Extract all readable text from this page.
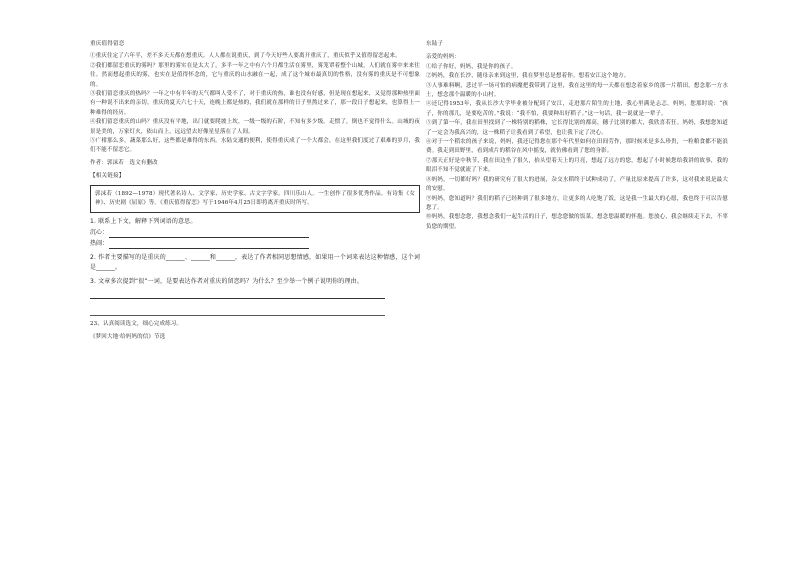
重庆值得留恋

①重庆住定了六年半，差不多天天都在想重庆。人人都在说重庆，到了今天好些人要离开重庆了，重庆似乎又值得留恋起来。

②我们都留恋重庆的雾吗？那里的雾实在是太大了，多半一年之中有六个月都生活在雾里，雾笼罩着整个山城，人们就在雾中来来往往。然而想起重庆的雾，也实在是值得怀念的，它与重庆的山水融在一起，成了这个城市最真切的性格，没有雾的重庆是不可想象的。

③我们留恋重庆的热吗？一年之中有半年的天气都叫人受不了，对于重庆的热，谁也没有好感，但是现在想起来，又觉得那种热里面有一种说不出来的亲切。重庆的夏天六七十天，连晚上都是热的，我们就在那样的日子里熬过来了，那一段日子想起来，也算得上一种难得的经历。

④我们留恋重庆的山吗？重庆没有平地，出门就要爬坡上坎，一级一级的石阶，不知有多少级。走惯了，倒也不觉得什么。山城的夜景是美的，万家灯火，依山而上，远远望去好像星星落在了人间。

⑤广柑那么多，蔬菜那么好，这些都是难得的东西。水陆交通的便利，使得重庆成了一个大都会，在这里我们度过了艰难的岁月，我们不能不留恋它。

作者：郭沫若　选文有删改

【相关链接】

郭沫若（1892—1978）现代著名诗人、文学家、历史学家、古文字学家。四川乐山人。一生创作了很多优秀作品。有诗集《女神》、历史剧《屈原》等。《重庆值得留恋》写于1946年4月25日即将离开重庆时所写。

1. 联系上下文，解释下列词语的意思。

沉心：
热闹：

2. 作者主要描写的是重庆的______、______和______，表达了作者相同思想情感，如果用一个词来表达这种情感，这个词是______。

3. 文章多次提到“很”一词，是要表达作者对重庆的留恋吗？为什么？至少举一个例子说明你的理由。

23、认真阅读选文，细心完成练习。

《梦回大地·给妈妈的信》节选

东陆子

亲爱的妈妈：

①给子你好，妈妈，我是你的孩子。

②妈妈，我在长沙，随母亲来到这里，我在梦里总是想着你。想着安江这个地方。

③人事难料啊，悲过半一场可怕的病魔把我带到了这里，我在这里的每一天都在想念着家乡的那一片稻田，想念那一方水土，想念那个温暖的小山村。

④还记得1953年，我从长沙大学毕业被分配到了安江，走进那片陌生的土地，我心里满是忐忑。妈妈，您那时说：“孩子，你的那儿，是要吃苦的。”我说：“我不怕，我要种出好稻子。”这一句话，我一说就是一辈子。

⑤到了第一年，我在田里找到了一株特别的稻株，它长得比别的都高，穗子比别的都大，我欣喜若狂。妈妈，我想您知道了一定会为我高兴的，这一株稻子让我看到了希望，也让我下定了决心。

⑥对于一个稻农的孩子来说，妈妈，我还记得您在那个年代里如何在田间劳作，那时候米是多么珍贵，一粒粮食都不能浪费。我走到田野里，看到成片的稻谷在风中摇曳，就仿佛看到了您的身影。

⑦那天正好是中秋节，我在田边坐了很久，抬头望着天上的月亮，想起了远方的您，想起了小时候您给我讲的故事，我的眼泪不知不觉就流了下来。

⑧妈妈，一切都好吗？我的研究有了很大的进展，杂交水稻终于试种成功了，产量比原来提高了许多，这对我来说是最大的安慰。

⑨妈妈，您知道吗？我们的稻子已经种到了很多地方，让更多的人吃饱了饭，这是我一生最大的心愿，我也终于可以告慰您了。

⑩妈妈，我想念您，我想念我们一起生活的日子，想念您做的饭菜，想念您温暖的怀抱。您放心，我会继续走下去，不辜负您的期望。
